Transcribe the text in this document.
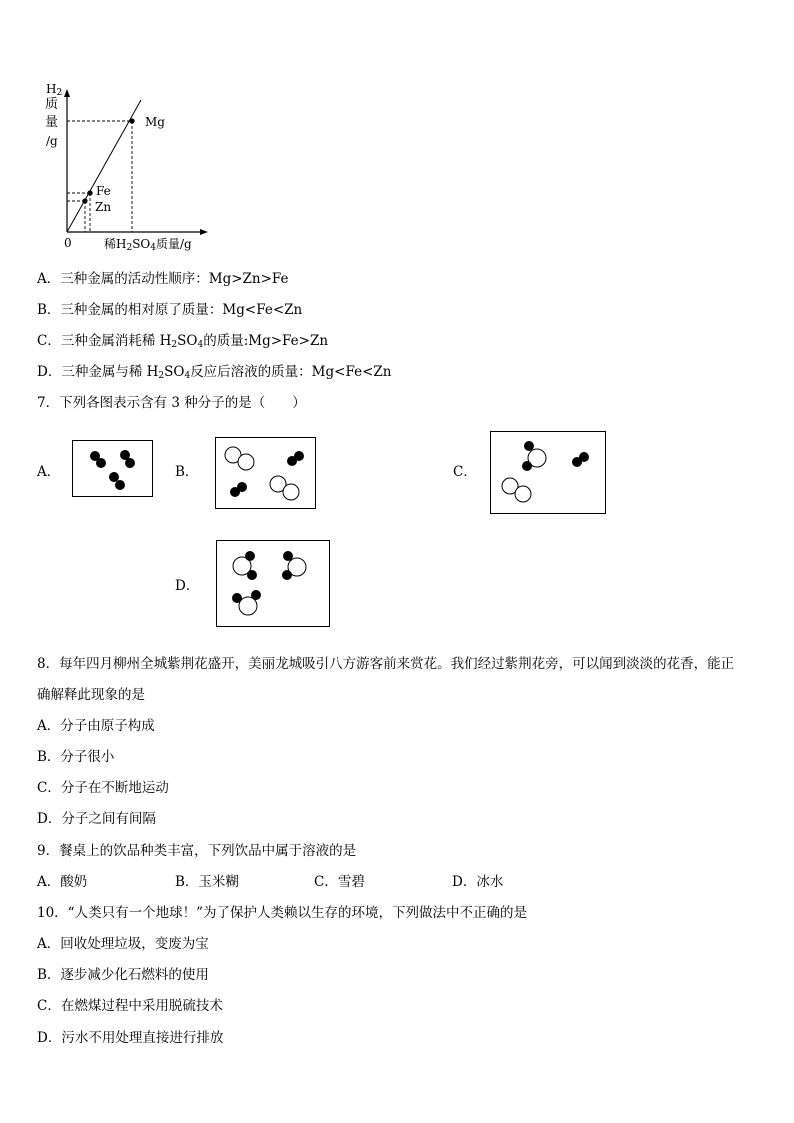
$H_2$
质
量
/g
0	稀$H_2SO_4$质量/g
Mg
Fe
Zn
A．三种金属的活动性顺序：Mg>Zn>Fe
B．三种金属的相对原了质量：Mg<Fe<Zn
C．三种金属消耗稀 $H_2SO_4$的质量:Mg>Fe>Zn
D．三种金属与稀 $H_2SO_4$反应后溶液的质量：Mg<Fe<Zn
7．下列各图表示含有 3 种分子的是（　　）
A．	B．	C．
D．
8．每年四月柳州全城紫荆花盛开，美丽龙城吸引八方游客前来赏花。我们经过紫荆花旁，可以闻到淡淡的花香，能正
确解释此现象的是
A．分子由原子构成
B．分子很小
C．分子在不断地运动
D．分子之间有间隔
9．餐桌上的饮品种类丰富，下列饮品中属于溶液的是
A．酸奶	B．玉米糊	C．雪碧	D．冰水
10．“人类只有一个地球！”为了保护人类赖以生存的环境，下列做法中不正确的是
A．回收处理垃圾，变废为宝
B．逐步减少化石燃料的使用
C．在燃煤过程中采用脱硫技术
D．污水不用处理直接进行排放
